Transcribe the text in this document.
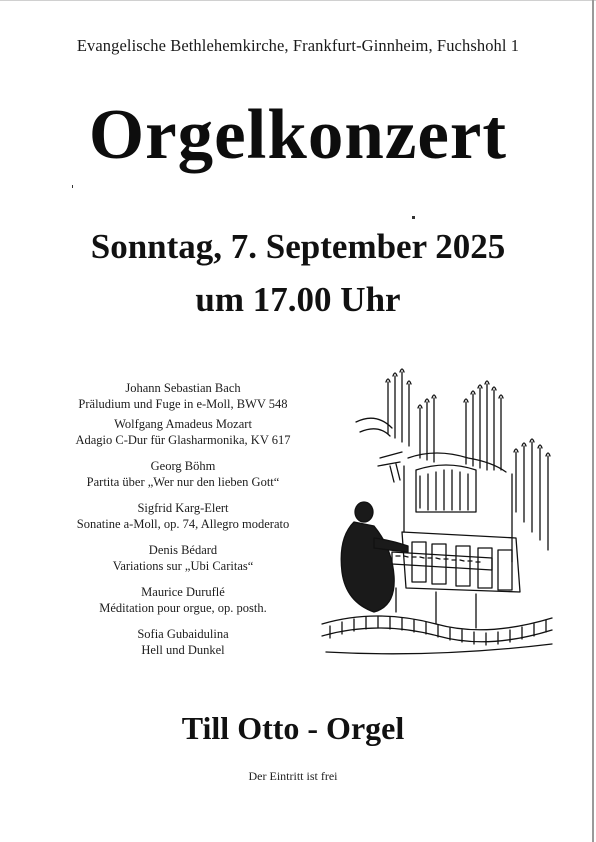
Evangelische Bethlehemkirche, Frankfurt-Ginnheim, Fuchshohl 1
Orgelkonzert
Sonntag, 7. September 2025
um 17.00 Uhr
Johann Sebastian Bach
Präludium und Fuge in e-Moll, BWV 548
Wolfgang Amadeus Mozart
Adagio C-Dur für Glasharmonika, KV 617
Georg Böhm
Partita über „Wer nur den lieben Gott“
Sigfrid Karg-Elert
Sonatine a-Moll, op. 74, Allegro moderato
Denis Bédard
Variations sur „Ubi Caritas“
Maurice Duruflé
Méditation pour orgue, op. posth.
Sofia Gubaidulina
Hell und Dunkel
Till Otto - Orgel
Der Eintritt ist frei
